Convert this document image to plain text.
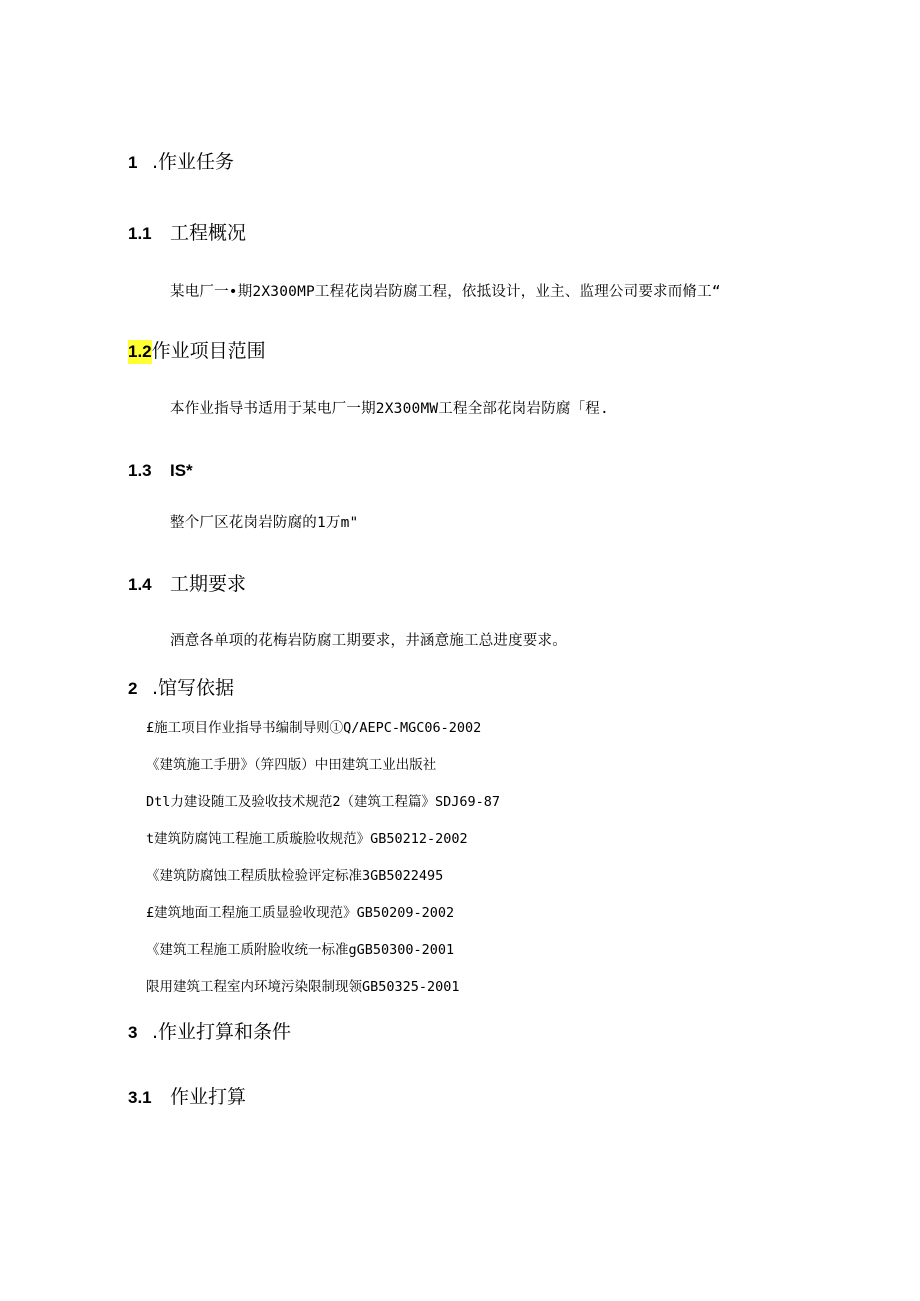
1 .作业任务
1.1 工程概况
某电厂一•期2X300MP工程花岗岩防腐工程，依抵设计，业主、监理公司要求而脩工“
1.2作业项目范围
本作业指导书适用于某电厂一期2X300MW工程全部花岗岩防腐「程.
1.3 IS*
整个厂区花岗岩防腐的1万m"
1.4 工期要求
酒意各单项的花梅岩防腐工期要求，井涵意施工总进度要求。
2 .馆写依据
£施工项目作业指导书编制导则①Q/AEPC-MGC06-2002
《建筑施工手册》（笄四版）中田建筑工业出版社
Dtl力建设随工及验收技术规范2（建筑工程篇》SDJ69-87
t建筑防腐饨工程施工质璇脸收规范》GB50212-2002
《建筑防腐蚀工程质肽检验评定标准3GB5022495
£建筑地面工程施工质显验收现范》GB50209-2002
《建筑工程施工质附脸收统一标准gGB50300-2001
限用建筑工程室内环境污染限制现领GB50325-2001
3 .作业打算和条件
3.1 作业打算
